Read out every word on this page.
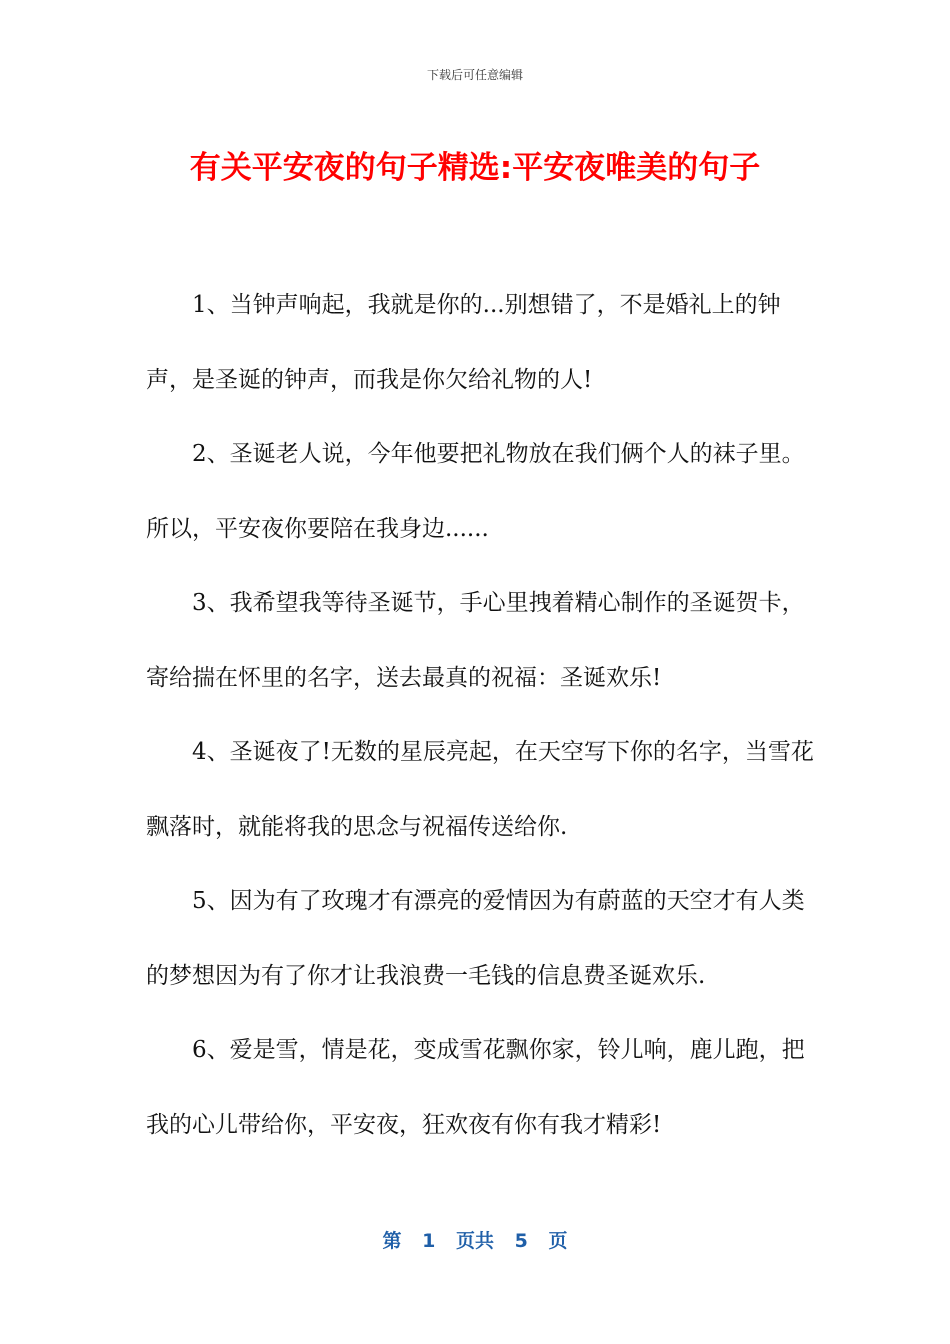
下载后可任意编辑
有关平安夜的句子精选:平安夜唯美的句子

1、当钟声响起，我就是你的...别想错了，不是婚礼上的钟声，是圣诞的钟声，而我是你欠给礼物的人!

2、圣诞老人说，今年他要把礼物放在我们俩个人的袜子里。所以，平安夜你要陪在我身边......

3、我希望我等待圣诞节，手心里拽着精心制作的圣诞贺卡，寄给揣在怀里的名字，送去最真的祝福：圣诞欢乐!

4、圣诞夜了!无数的星辰亮起，在天空写下你的名字，当雪花飘落时，就能将我的思念与祝福传送给你.

5、因为有了玫瑰才有漂亮的爱情因为有蔚蓝的天空才有人类的梦想因为有了你才让我浪费一毛钱的信息费圣诞欢乐.

6、爱是雪，情是花，变成雪花飘你家，铃儿响，鹿儿跑，把我的心儿带给你，平安夜，狂欢夜有你有我才精彩!

第 1 页共 5 页
